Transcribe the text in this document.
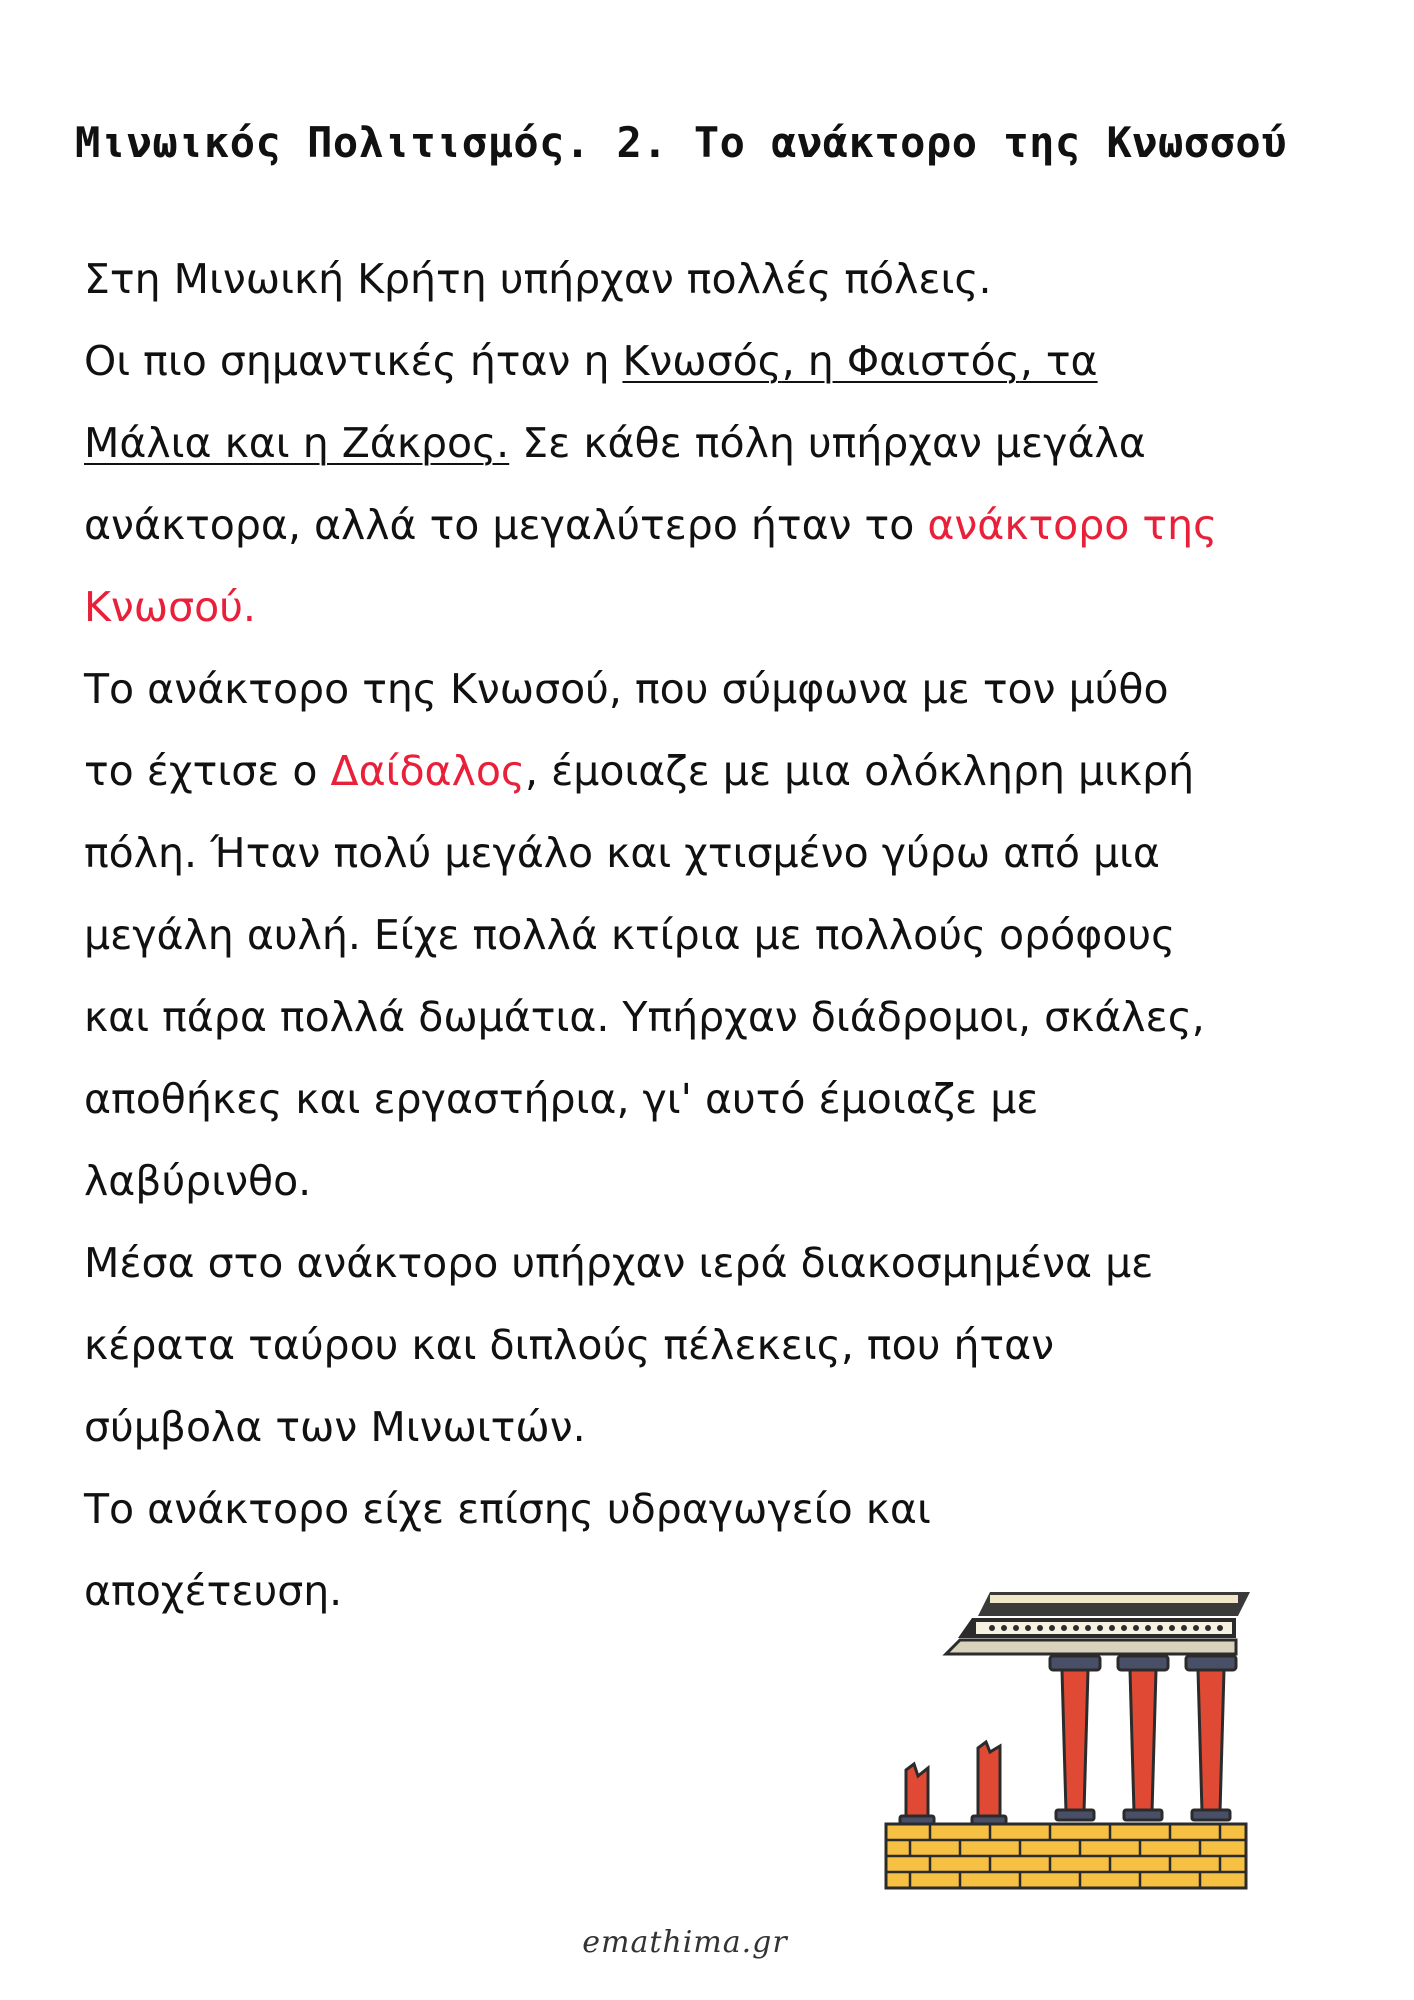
Μινωικός Πολιτισμός. 2. Το ανάκτορο της Κνωσσού
Στη Μινωική Κρήτη υπήρχαν πολλές πόλεις.
Οι πιο σημαντικές ήταν η Κνωσός, η Φαιστός, τα
Μάλια και η Ζάκρος. Σε κάθε πόλη υπήρχαν μεγάλα
ανάκτορα, αλλά το μεγαλύτερο ήταν το ανάκτορο της
Κνωσού.
Το ανάκτορο της Κνωσού, που σύμφωνα με τον μύθο
το έχτισε ο Δαίδαλος, έμοιαζε με μια ολόκληρη μικρή
πόλη. Ήταν πολύ μεγάλο και χτισμένο γύρω από μια
μεγάλη αυλή. Είχε πολλά κτίρια με πολλούς ορόφους
και πάρα πολλά δωμάτια. Υπήρχαν διάδρομοι, σκάλες,
αποθήκες και εργαστήρια, γι' αυτό έμοιαζε με
λαβύρινθο.
Μέσα στο ανάκτορο υπήρχαν ιερά διακοσμημένα με
κέρατα ταύρου και διπλούς πέλεκεις, που ήταν
σύμβολα των Μινωιτών.
Το ανάκτορο είχε επίσης υδραγωγείο και
αποχέτευση.
emathima.gr
